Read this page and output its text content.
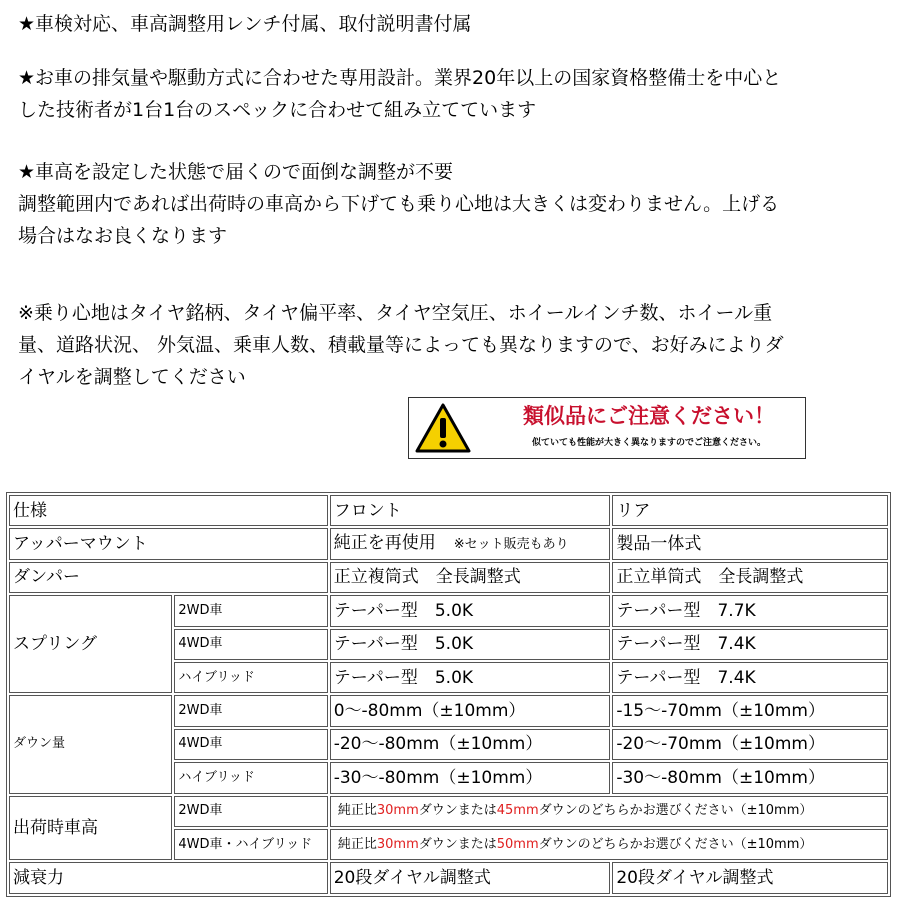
★車検対応、車高調整用レンチ付属、取付説明書付属
★お車の排気量や駆動方式に合わせた専用設計。業界20年以上の国家資格整備士を中心と
した技術者が1台1台のスペックに合わせて組み立てています
★車高を設定した状態で届くので面倒な調整が不要
調整範囲内であれば出荷時の車高から下げても乗り心地は大きくは変わりません。上げる
場合はなお良くなります
※乗り心地はタイヤ銘柄、タイヤ偏平率、タイヤ空気圧、ホイールインチ数、ホイール重
量、道路状況、 外気温、乗車人数、積載量等によっても異なりますので、お好みによりダ
イヤルを調整してください
類似品にご注意ください！
似ていても性能が大きく異なりますのでご注意ください。
仕様		フロント	リア
アッパーマウント		純正を再使用 ※セット販売もあり	製品一体式
ダンパー		正立複筒式　全長調整式	正立単筒式　全長調整式
スプリング	2WD車	テーパー型　5.0K	テーパー型　7.7K
	4WD車	テーパー型　5.0K	テーパー型　7.4K
	ハイブリッド	テーパー型　5.0K	テーパー型　7.4K
ダウン量	2WD車	0～-80mm（±10mm）	-15～-70mm（±10mm）
	4WD車	-20～-80mm（±10mm）	-20～-70mm（±10mm）
	ハイブリッド	-30～-80mm（±10mm）	-30～-80mm（±10mm）
出荷時車高	2WD車	純正比30mmダウンまたは45mmダウンのどちらかお選びください（±10mm）	
	4WD車・ハイブリッド	純正比30mmダウンまたは50mmダウンのどちらかお選びください（±10mm）	
減衰力		20段ダイヤル調整式	20段ダイヤル調整式
